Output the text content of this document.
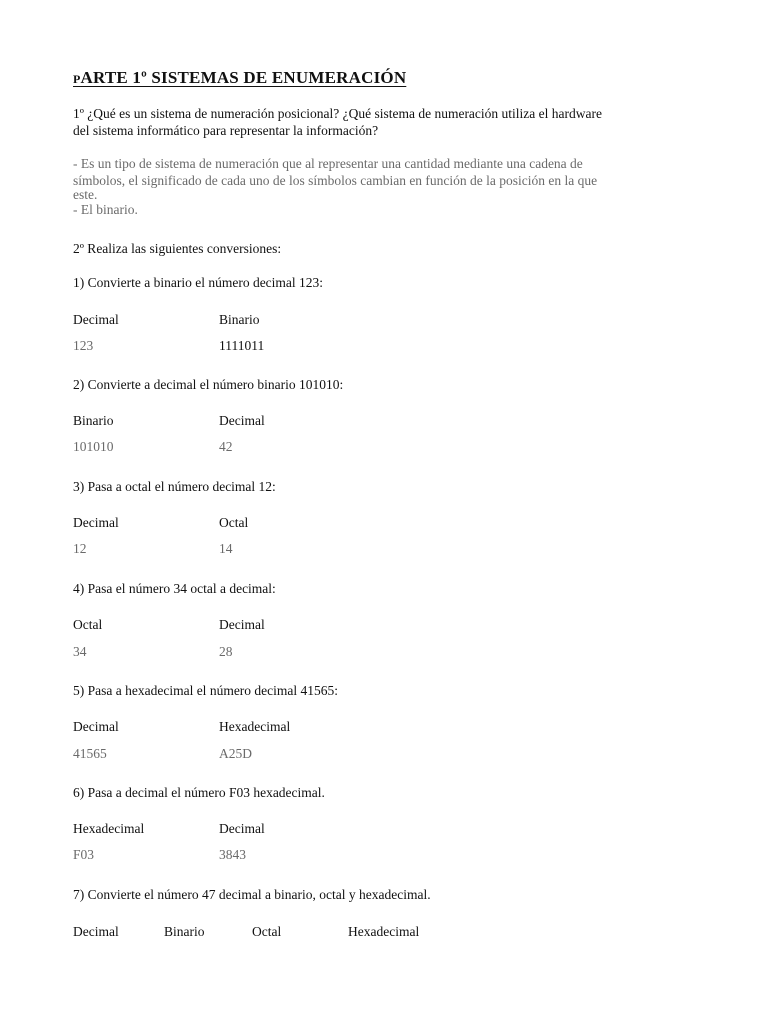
PARTE 1º SISTEMAS DE ENUMERACIÓN
1º ¿Qué es un sistema de numeración posicional? ¿Qué sistema de numeración utiliza el hardware
del sistema informático para representar la información?
- Es un tipo de sistema de numeración que al representar una cantidad mediante una cadena de
símbolos, el significado de cada uno de los símbolos cambian en función de la posición en la que
este.
- El binario.
2º Realiza las siguientes conversiones:
1) Convierte a binario el número decimal 123:
Decimal	Binario
123	1111011
2) Convierte a decimal el número binario 101010:
Binario	Decimal
101010	42
3) Pasa a octal el número decimal 12:
Decimal	Octal
12	14
4) Pasa el número 34 octal a decimal:
Octal	Decimal
34	28
5) Pasa a hexadecimal el número decimal 41565:
Decimal	Hexadecimal
41565	A25D
6) Pasa a decimal el número F03 hexadecimal.
Hexadecimal	Decimal
F03	3843
7) Convierte el número 47 decimal a binario, octal y hexadecimal.
Decimal	Binario	Octal	Hexadecimal
